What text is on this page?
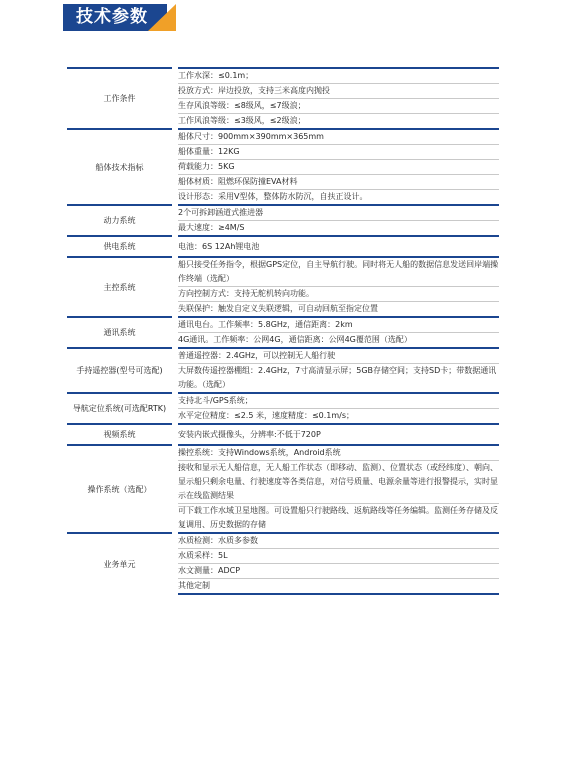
技术参数
工作条件		工作水深：≤0.1m；
		投放方式：岸边投放，支持三米高度内抛投
		生存风浪等级：≤8级风，≤7级浪；
		工作风浪等级：≤3级风，≤2级浪；
船体技术指标		船体尺寸：900mm×390mm×365mm
		船体重量：12KG
		荷载能力：5KG
		船体材质：阻燃环保防撞EVA材料
		设计形态：采用V型体，整体防水防沉，自扶正设计。
动力系统		2个可拆卸涵道式推进器
		最大速度：≥4M/S
供电系统		电池：6S 12Ah锂电池
主控系统		船只接受任务指令，根据GPS定位，自主导航行驶。同时将无人船的数据信息发送回岸端操作终端（选配）
		方向控制方式：支持无舵机转向功能。
		失联保护：触发自定义失联逻辑，可自动回航至指定位置
通讯系统		通讯电台。工作频率：5.8GHz，通信距离：2km
		4G通讯。工作频率：公网4G，通信距离：公网4G覆范围（选配）
手持遥控器(型号可选配)		普通遥控器：2.4GHz，可以控制无人船行驶
		大屏数传遥控器棚组：2.4GHz，7寸高清显示屏；5GB存储空间；支持SD卡；带数据通讯功能。（选配）
导航定位系统(可选配RTK)		支持北斗/GPS系统；
		水平定位精度：≤2.5 米，速度精度：≤0.1m/s；
视频系统		安装内嵌式摄像头，分辨率:不低于720P
操作系统（选配）		操控系统：支持Windows系统，Android系统
		接收和显示无人船信息，无人船工作状态（即移动、监测）、位置状态（或经纬度）、朝向、显示船只剩余电量、行驶速度等各类信息，对信号质量、电源余量等进行报警提示，实时显示在线监测结果
		可下载工作水域卫星地图。可设置船只行驶路线、返航路线等任务编辑。监测任务存储及反复调用、历史数据的存储
业务单元		水质检测：水质多参数
		水质采样：5L
		水文测量：ADCP
		其他定制
